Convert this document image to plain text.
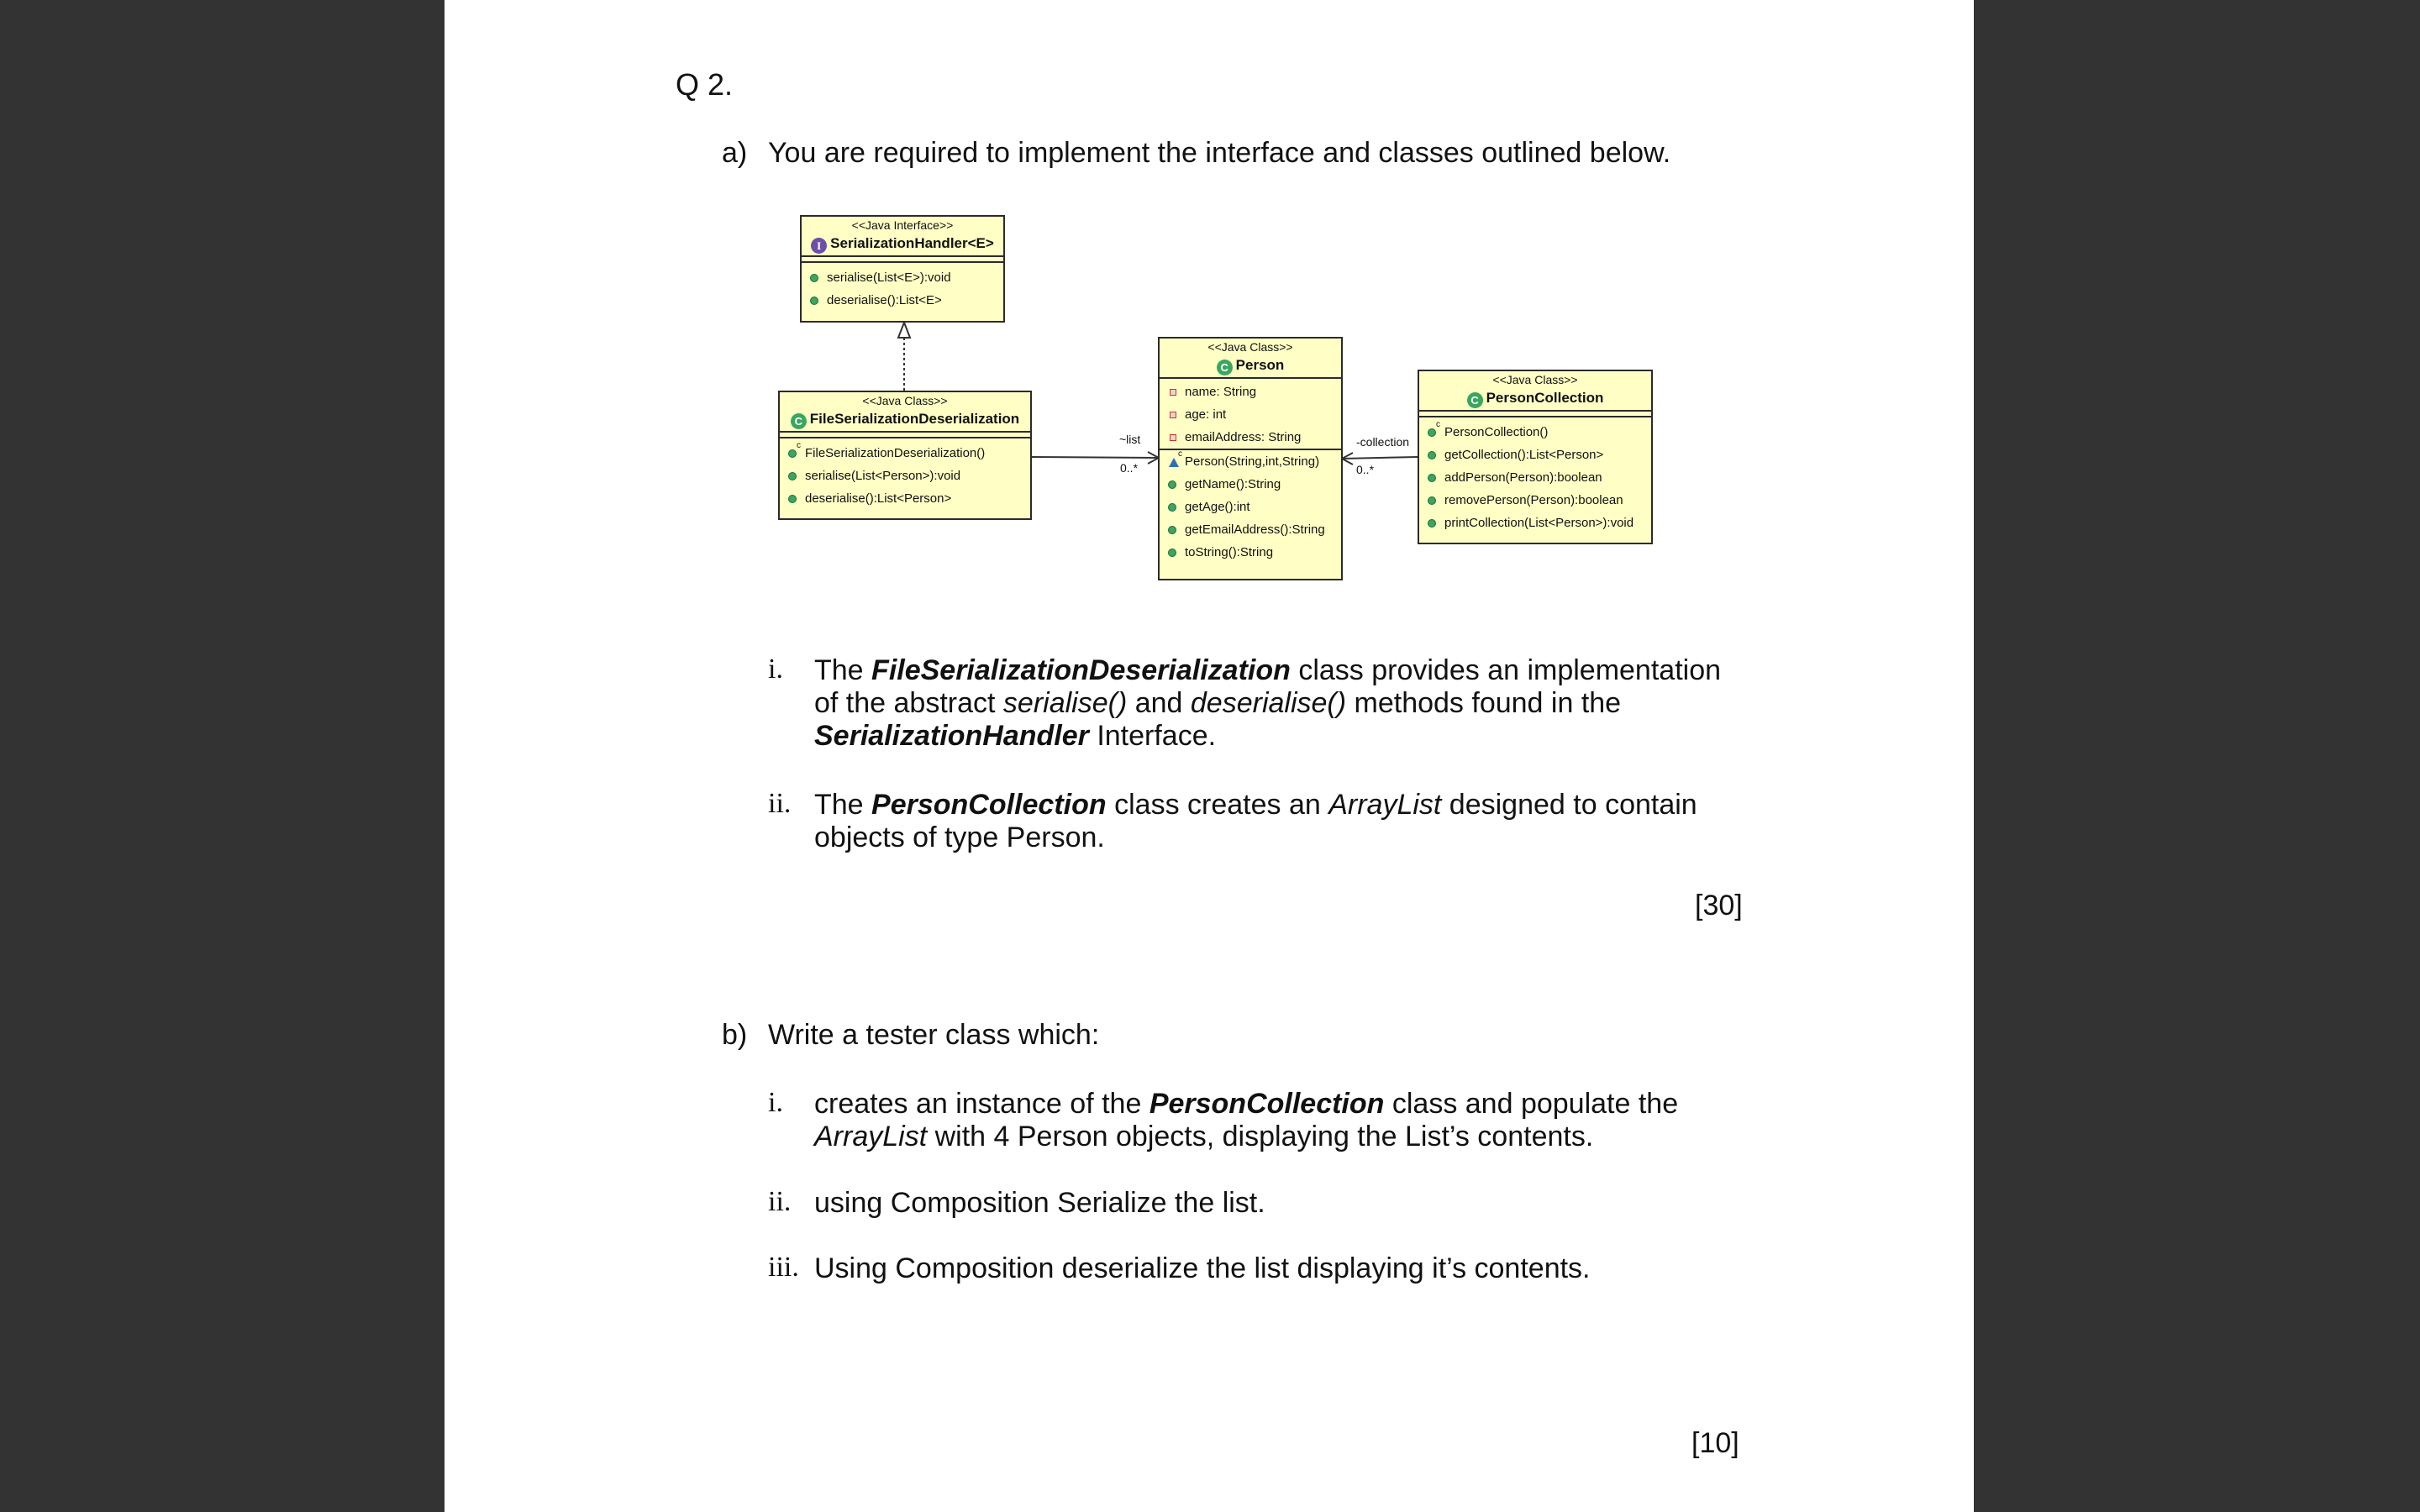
Q 2.
a) You are required to implement the interface and classes outlined below.
<<Java Interface>>
I SerializationHandler<E>
serialise(List<E>):void
deserialise():List<E>
<<Java Class>>
C FileSerializationDeserialization
c
FileSerializationDeserialization()
serialise(List<Person>):void
deserialise():List<Person>
<<Java Class>>
C Person
name: String
age: int
emailAddress: String
c
Person(String,int,String)
getName():String
getAge():int
getEmailAddress():String
toString():String
<<Java Class>>
C PersonCollection
c
PersonCollection()
getCollection():List<Person>
addPerson(Person):boolean
removePerson(Person):boolean
printCollection(List<Person>):void
~list
0..*
-collection
0..*
i. The FileSerializationDeserialization class provides an implementation
of the abstract serialise() and deserialise() methods found in the
SerializationHandler Interface.
ii. The PersonCollection class creates an ArrayList designed to contain
objects of type Person.
[30]
b) Write a tester class which:
i. creates an instance of the PersonCollection class and populate the
ArrayList with 4 Person objects, displaying the List’s contents.
ii. using Composition Serialize the list.
iii. Using Composition deserialize the list displaying it’s contents.
[10]
